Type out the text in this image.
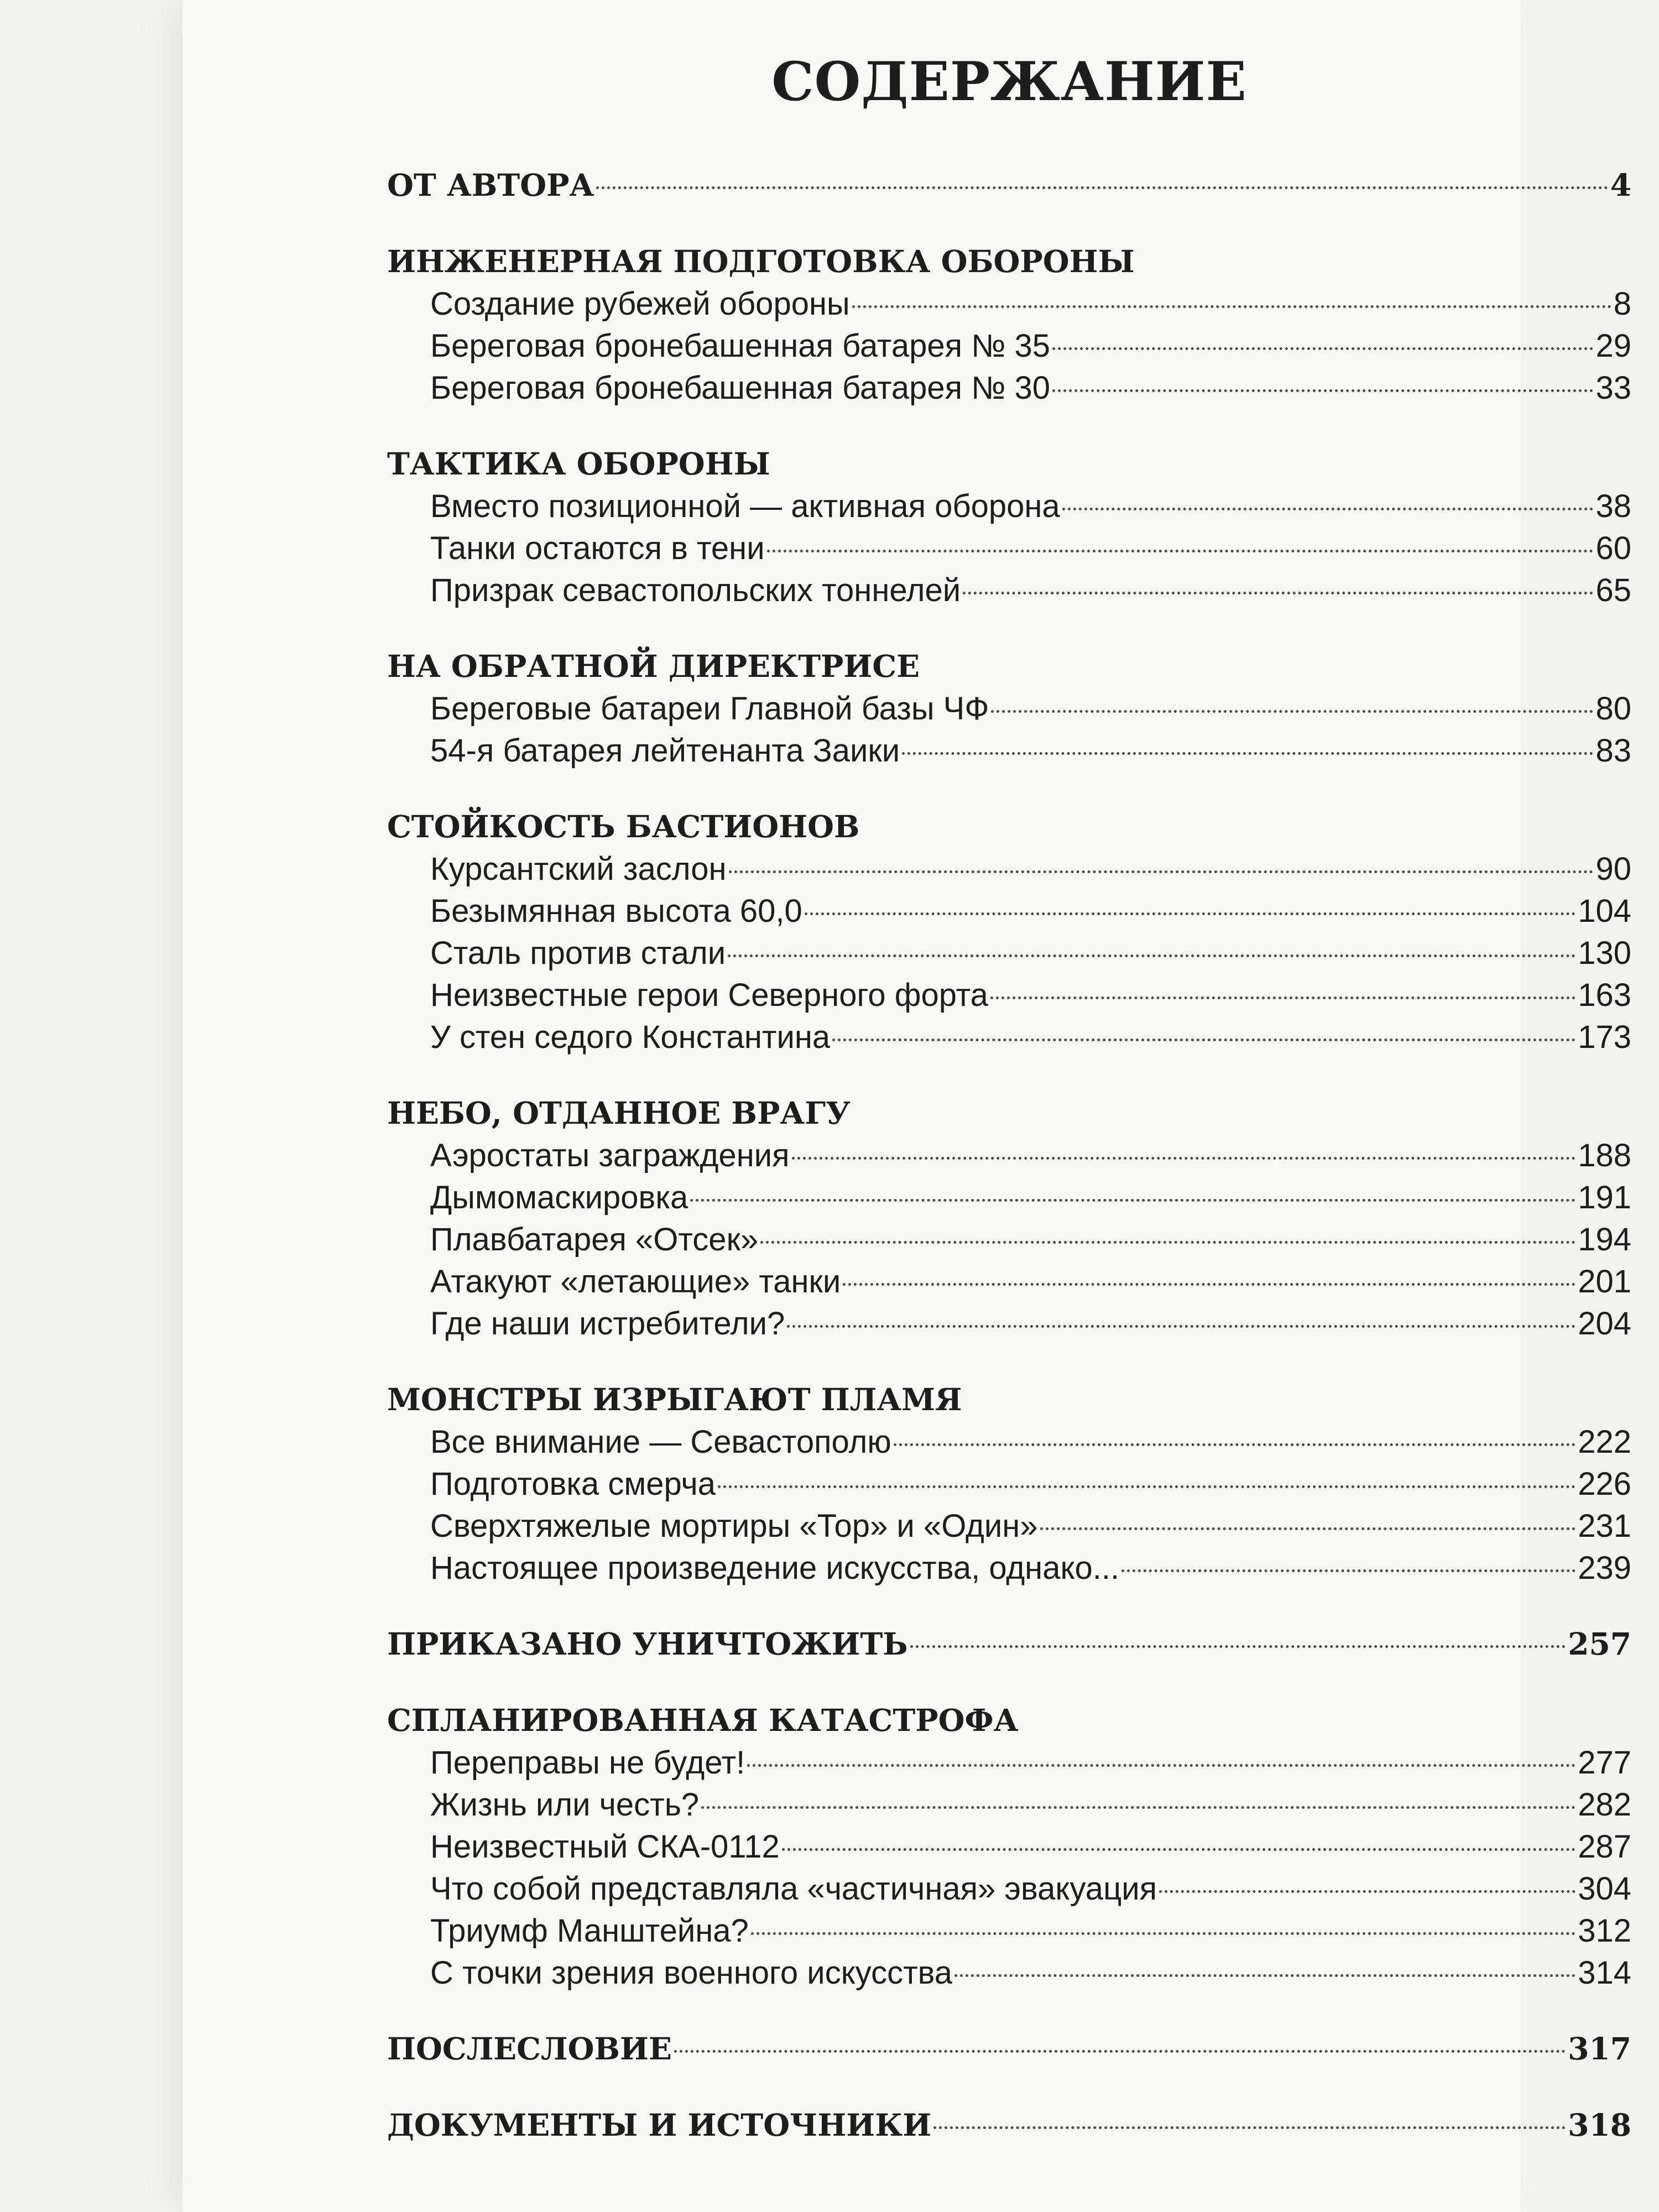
СОДЕРЖАНИЕ
ОТ АВТОРА	4
ИНЖЕНЕРНАЯ ПОДГОТОВКА ОБОРОНЫ
Создание рубежей обороны	8
Береговая бронебашенная батарея № 35	29
Береговая бронебашенная батарея № 30	33
ТАКТИКА ОБОРОНЫ
Вместо позиционной — активная оборона	38
Танки остаются в тени	60
Призрак севастопольских тоннелей	65
НА ОБРАТНОЙ ДИРЕКТРИСЕ
Береговые батареи Главной базы ЧФ	80
54-я батарея лейтенанта Заики	83
СТОЙКОСТЬ БАСТИОНОВ
Курсантский заслон	90
Безымянная высота 60,0	104
Сталь против стали	130
Неизвестные герои Северного форта	163
У стен седого Константина	173
НЕБО, ОТДАННОЕ ВРАГУ
Аэростаты заграждения	188
Дымомаскировка	191
Плавбатарея «Отсек»	194
Атакуют «летающие» танки	201
Где наши истребители?	204
МОНСТРЫ ИЗРЫГАЮТ ПЛАМЯ
Все внимание — Севастополю	222
Подготовка смерча	226
Сверхтяжелые мортиры «Тор» и «Один»	231
Настоящее произведение искусства, однако...	239
ПРИКАЗАНО УНИЧТОЖИТЬ	257
СПЛАНИРОВАННАЯ КАТАСТРОФА
Переправы не будет!	277
Жизнь или честь?	282
Неизвестный СКА-0112	287
Что собой представляла «частичная» эвакуация	304
Триумф Манштейна?	312
С точки зрения военного искусства	314
ПОСЛЕСЛОВИЕ	317
ДОКУМЕНТЫ И ИСТОЧНИКИ	318
